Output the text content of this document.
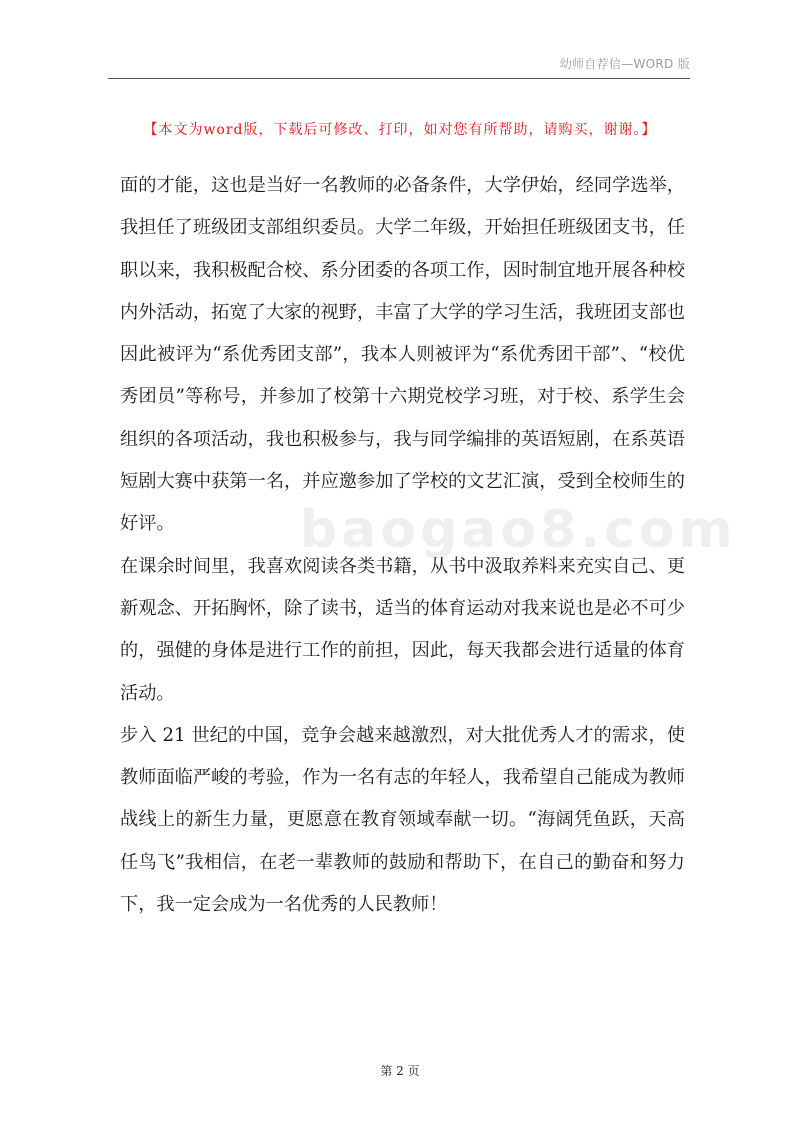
幼师自荐信—WORD 版
【本文为word版，下载后可修改、打印，如对您有所帮助，请购买，谢谢。】
baogao8.com

面的才能，这也是当好一名教师的必备条件，大学伊始，经同学选举，我担任了班级团支部组织委员。大学二年级，开始担任班级团支书，任职以来，我积极配合校、系分团委的各项工作，因时制宜地开展各种校内外活动，拓宽了大家的视野，丰富了大学的学习生活，我班团支部也因此被评为“系优秀团支部”，我本人则被评为“系优秀团干部”、“校优秀团员”等称号，并参加了校第十六期党校学习班，对于校、系学生会组织的各项活动，我也积极参与，我与同学编排的英语短剧，在系英语短剧大赛中获第一名，并应邀参加了学校的文艺汇演，受到全校师生的好评。

在课余时间里，我喜欢阅读各类书籍，从书中汲取养料来充实自己、更新观念、开拓胸怀，除了读书，适当的体育运动对我来说也是必不可少的，强健的身体是进行工作的前担，因此，每天我都会进行适量的体育活动。

步入 21 世纪的中国，竞争会越来越激烈，对大批优秀人才的需求，使教师面临严峻的考验，作为一名有志的年轻人，我希望自己能成为教师战线上的新生力量，更愿意在教育领域奉献一切。“海阔凭鱼跃，天高任鸟飞”我相信，在老一辈教师的鼓励和帮助下，在自己的勤奋和努力下，我一定会成为一名优秀的人民教师！

第 2 页
